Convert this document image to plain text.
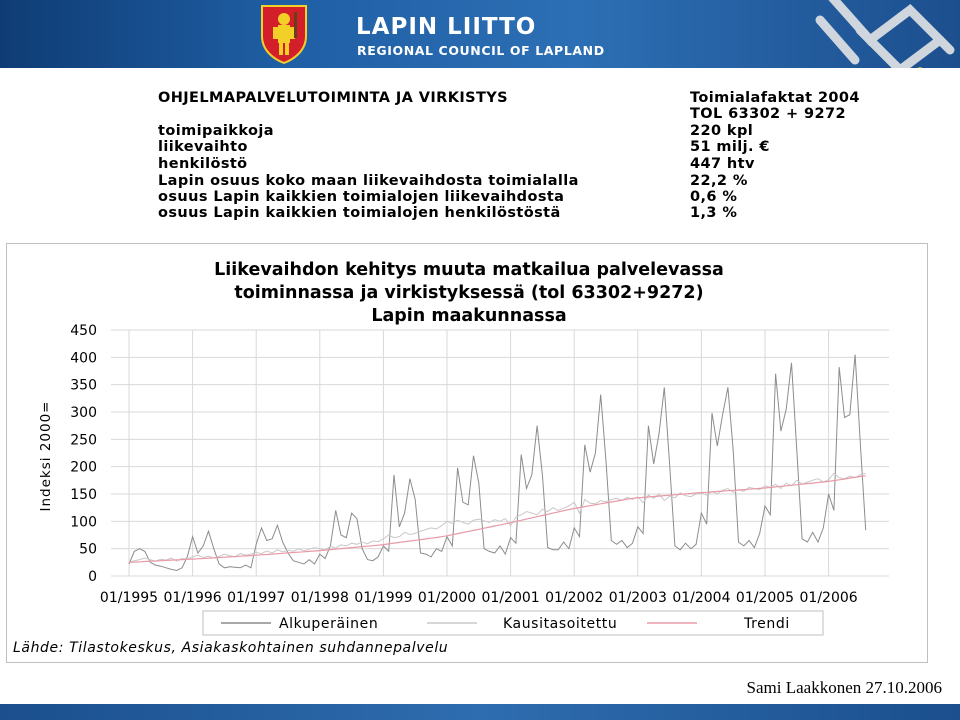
LAPIN LIITTO
REGIONAL COUNCIL OF LAPLAND
OHJELMAPALVELUTOIMINTA JA VIRKISTYS	Toimialafaktat 2004
TOL 63302 + 9272
toimipaikkoja	220 kpl
liikevaihto	51 milj. €
henkilöstö	447 htv
Lapin osuus koko maan liikevaihdosta toimialalla	22,2 %
osuus Lapin kaikkien toimialojen liikevaihdosta	0,6 %
osuus Lapin kaikkien toimialojen henkilöstöstä	1,3 %
Liikevaihdon kehitys muuta matkailua palvelevassa
toiminnassa ja virkistyksessä (tol 63302+9272)
Lapin maakunnassa
Indeksi 2000=
0
50
100
150
200
250
300
350
400
450
01/1995 01/1996 01/1997 01/1998 01/1999 01/2000 01/2001 01/2002 01/2003 01/2004 01/2005 01/2006
Alkuperäinen	Kausitasoitettu	Trendi
Lähde: Tilastokeskus, Asiakaskohtainen suhdannepalvelu
Sami Laakkonen 27.10.2006
